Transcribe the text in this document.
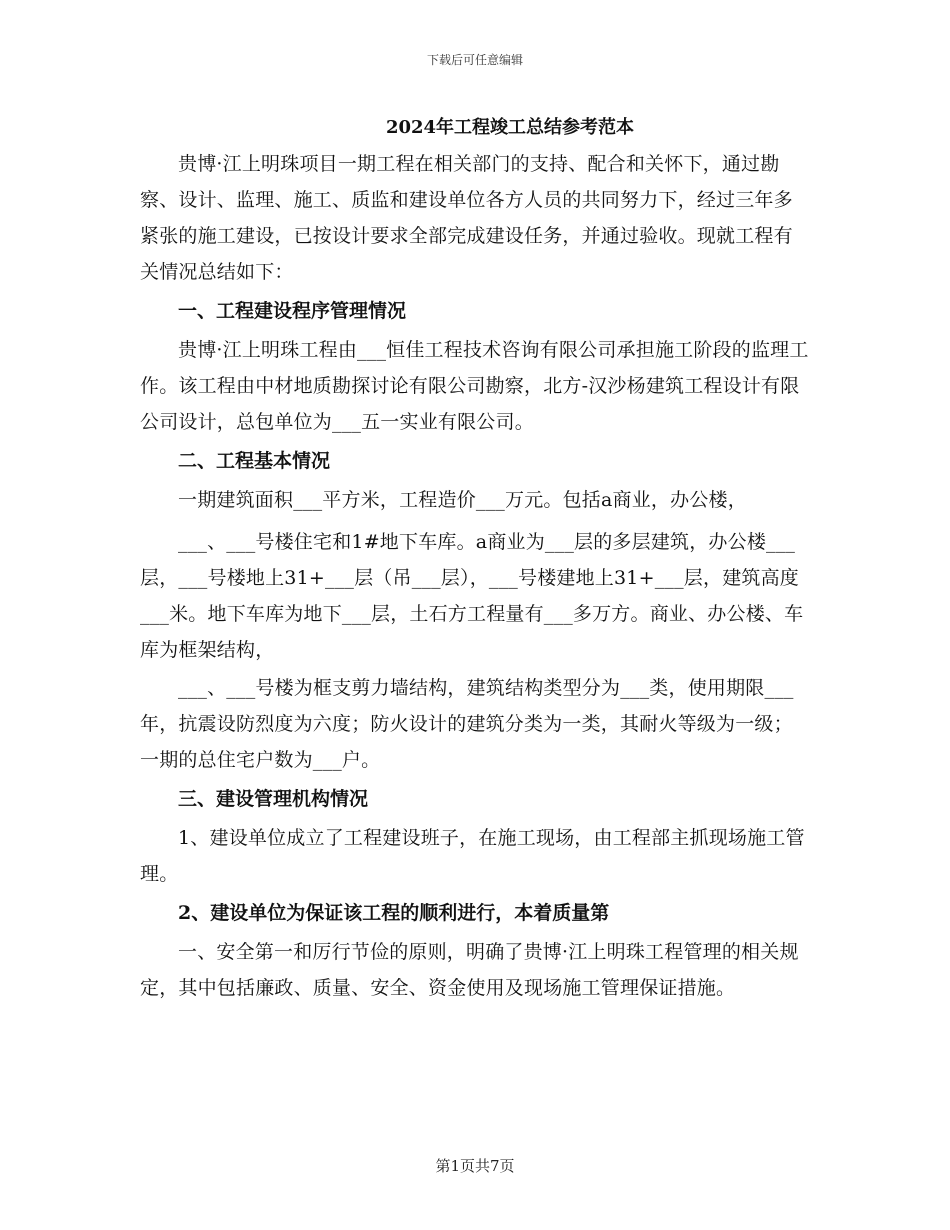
下载后可任意编辑
2024年工程竣工总结参考范本

贵博·江上明珠项目一期工程在相关部门的支持、配合和关怀下，通过勘察、设计、监理、施工、质监和建设单位各方人员的共同努力下，经过三年多紧张的施工建设，已按设计要求全部完成建设任务，并通过验收。现就工程有关情况总结如下：

一、工程建设程序管理情况

贵博·江上明珠工程由___恒佳工程技术咨询有限公司承担施工阶段的监理工作。该工程由中材地质勘探讨论有限公司勘察，北方-汉沙杨建筑工程设计有限公司设计，总包单位为___五一实业有限公司。

二、工程基本情况

一期建筑面积___平方米，工程造价___万元。包括a商业，办公楼，

___、___号楼住宅和1#地下车库。a商业为___层的多层建筑，办公楼___层，___号楼地上31+___层（吊___层），___号楼建地上31+___层，建筑高度___米。地下车库为地下___层，土石方工程量有___多万方。商业、办公楼、车库为框架结构，

___、___号楼为框支剪力墙结构，建筑结构类型分为___类，使用期限___年，抗震设防烈度为六度；防火设计的建筑分类为一类，其耐火等级为一级；一期的总住宅户数为___户。

三、建设管理机构情况

1、建设单位成立了工程建设班子，在施工现场，由工程部主抓现场施工管理。

2、建设单位为保证该工程的顺利进行，本着质量第

一、安全第一和厉行节俭的原则，明确了贵博·江上明珠工程管理的相关规定，其中包括廉政、质量、安全、资金使用及现场施工管理保证措施。

第1页共7页
